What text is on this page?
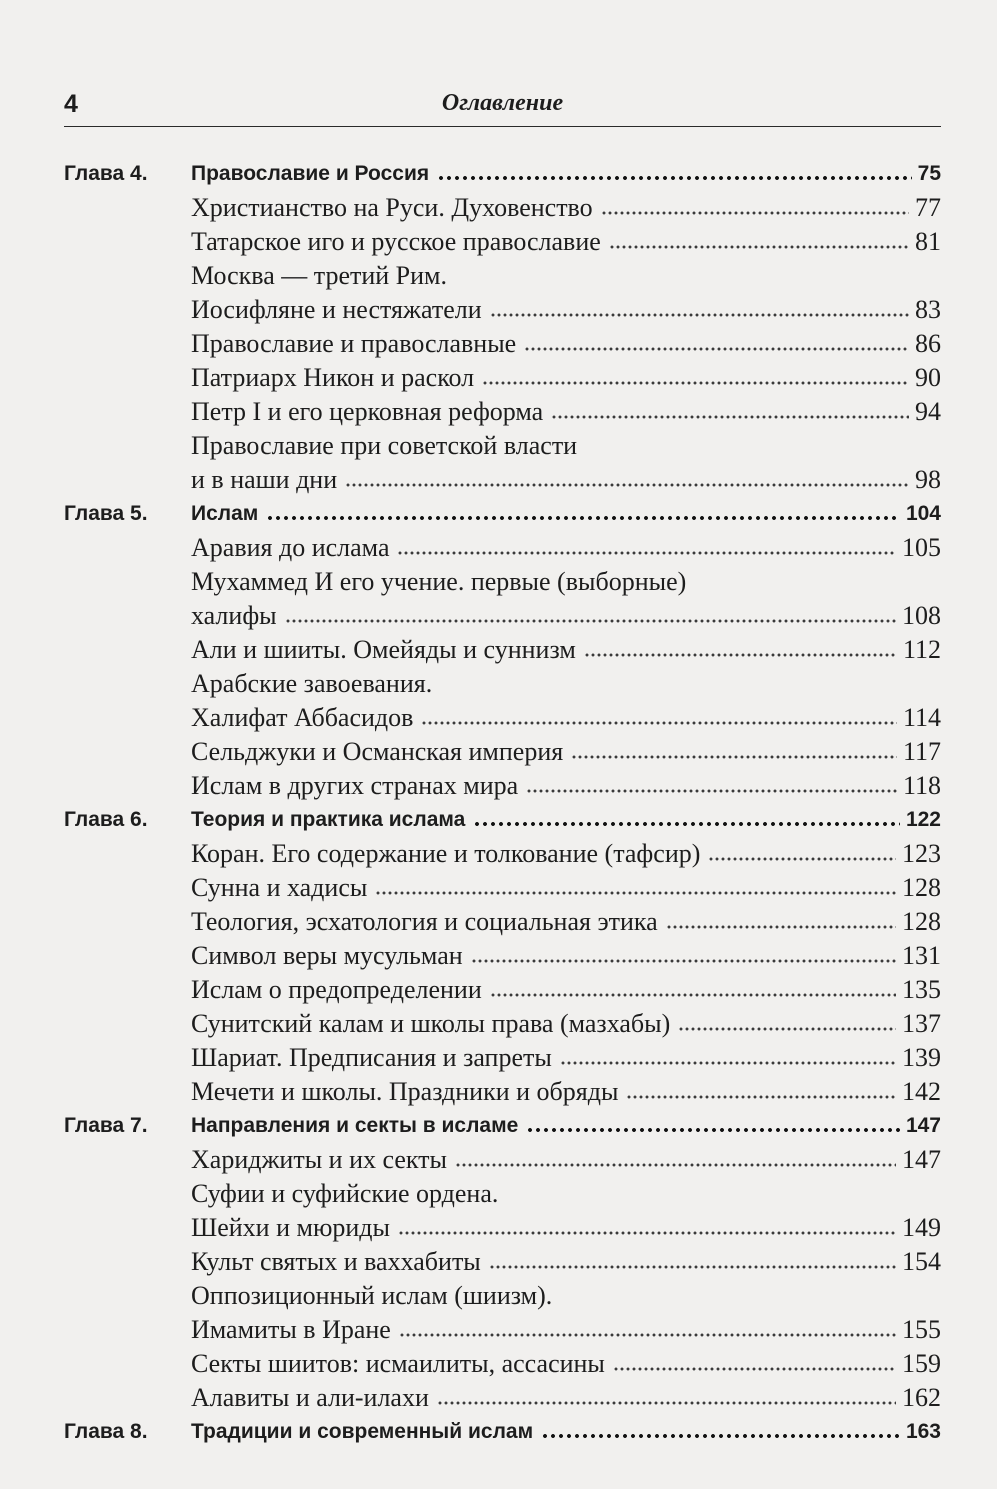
4	Оглавление
Глава 4. Православие и Россия	75
Христианство на Руси. Духовенство	77
Татарское иго и русское православие	81
Москва — третий Рим.
Иосифляне и нестяжатели	83
Православие и православные	86
Патриарх Никон и раскол	90
Петр I и его церковная реформа	94
Православие при советской власти
и в наши дни	98
Глава 5. Ислам	104
Аравия до ислама	105
Мухаммед И его учение. первые (выборные)
халифы	108
Али и шииты. Омейяды и суннизм	112
Арабские завоевания.
Халифат Аббасидов	114
Сельджуки и Османская империя	117
Ислам в других странах мира	118
Глава 6. Теория и практика ислама	122
Коран. Его содержание и толкование (тафсир)	123
Сунна и хадисы	128
Теология, эсхатология и социальная этика	128
Символ веры мусульман	131
Ислам о предопределении	135
Сунитский калам и школы права (мазхабы)	137
Шариат. Предписания и запреты	139
Мечети и школы. Праздники и обряды	142
Глава 7. Направления и секты в исламе	147
Хариджиты и их секты	147
Суфии и суфийские ордена.
Шейхи и мюриды	149
Культ святых и ваххабиты	154
Оппозиционный ислам (шиизм).
Имамиты в Иране	155
Секты шиитов: исмаилиты, ассасины	159
Алавиты и али-илахи	162
Глава 8. Традиции и современный ислам	163
